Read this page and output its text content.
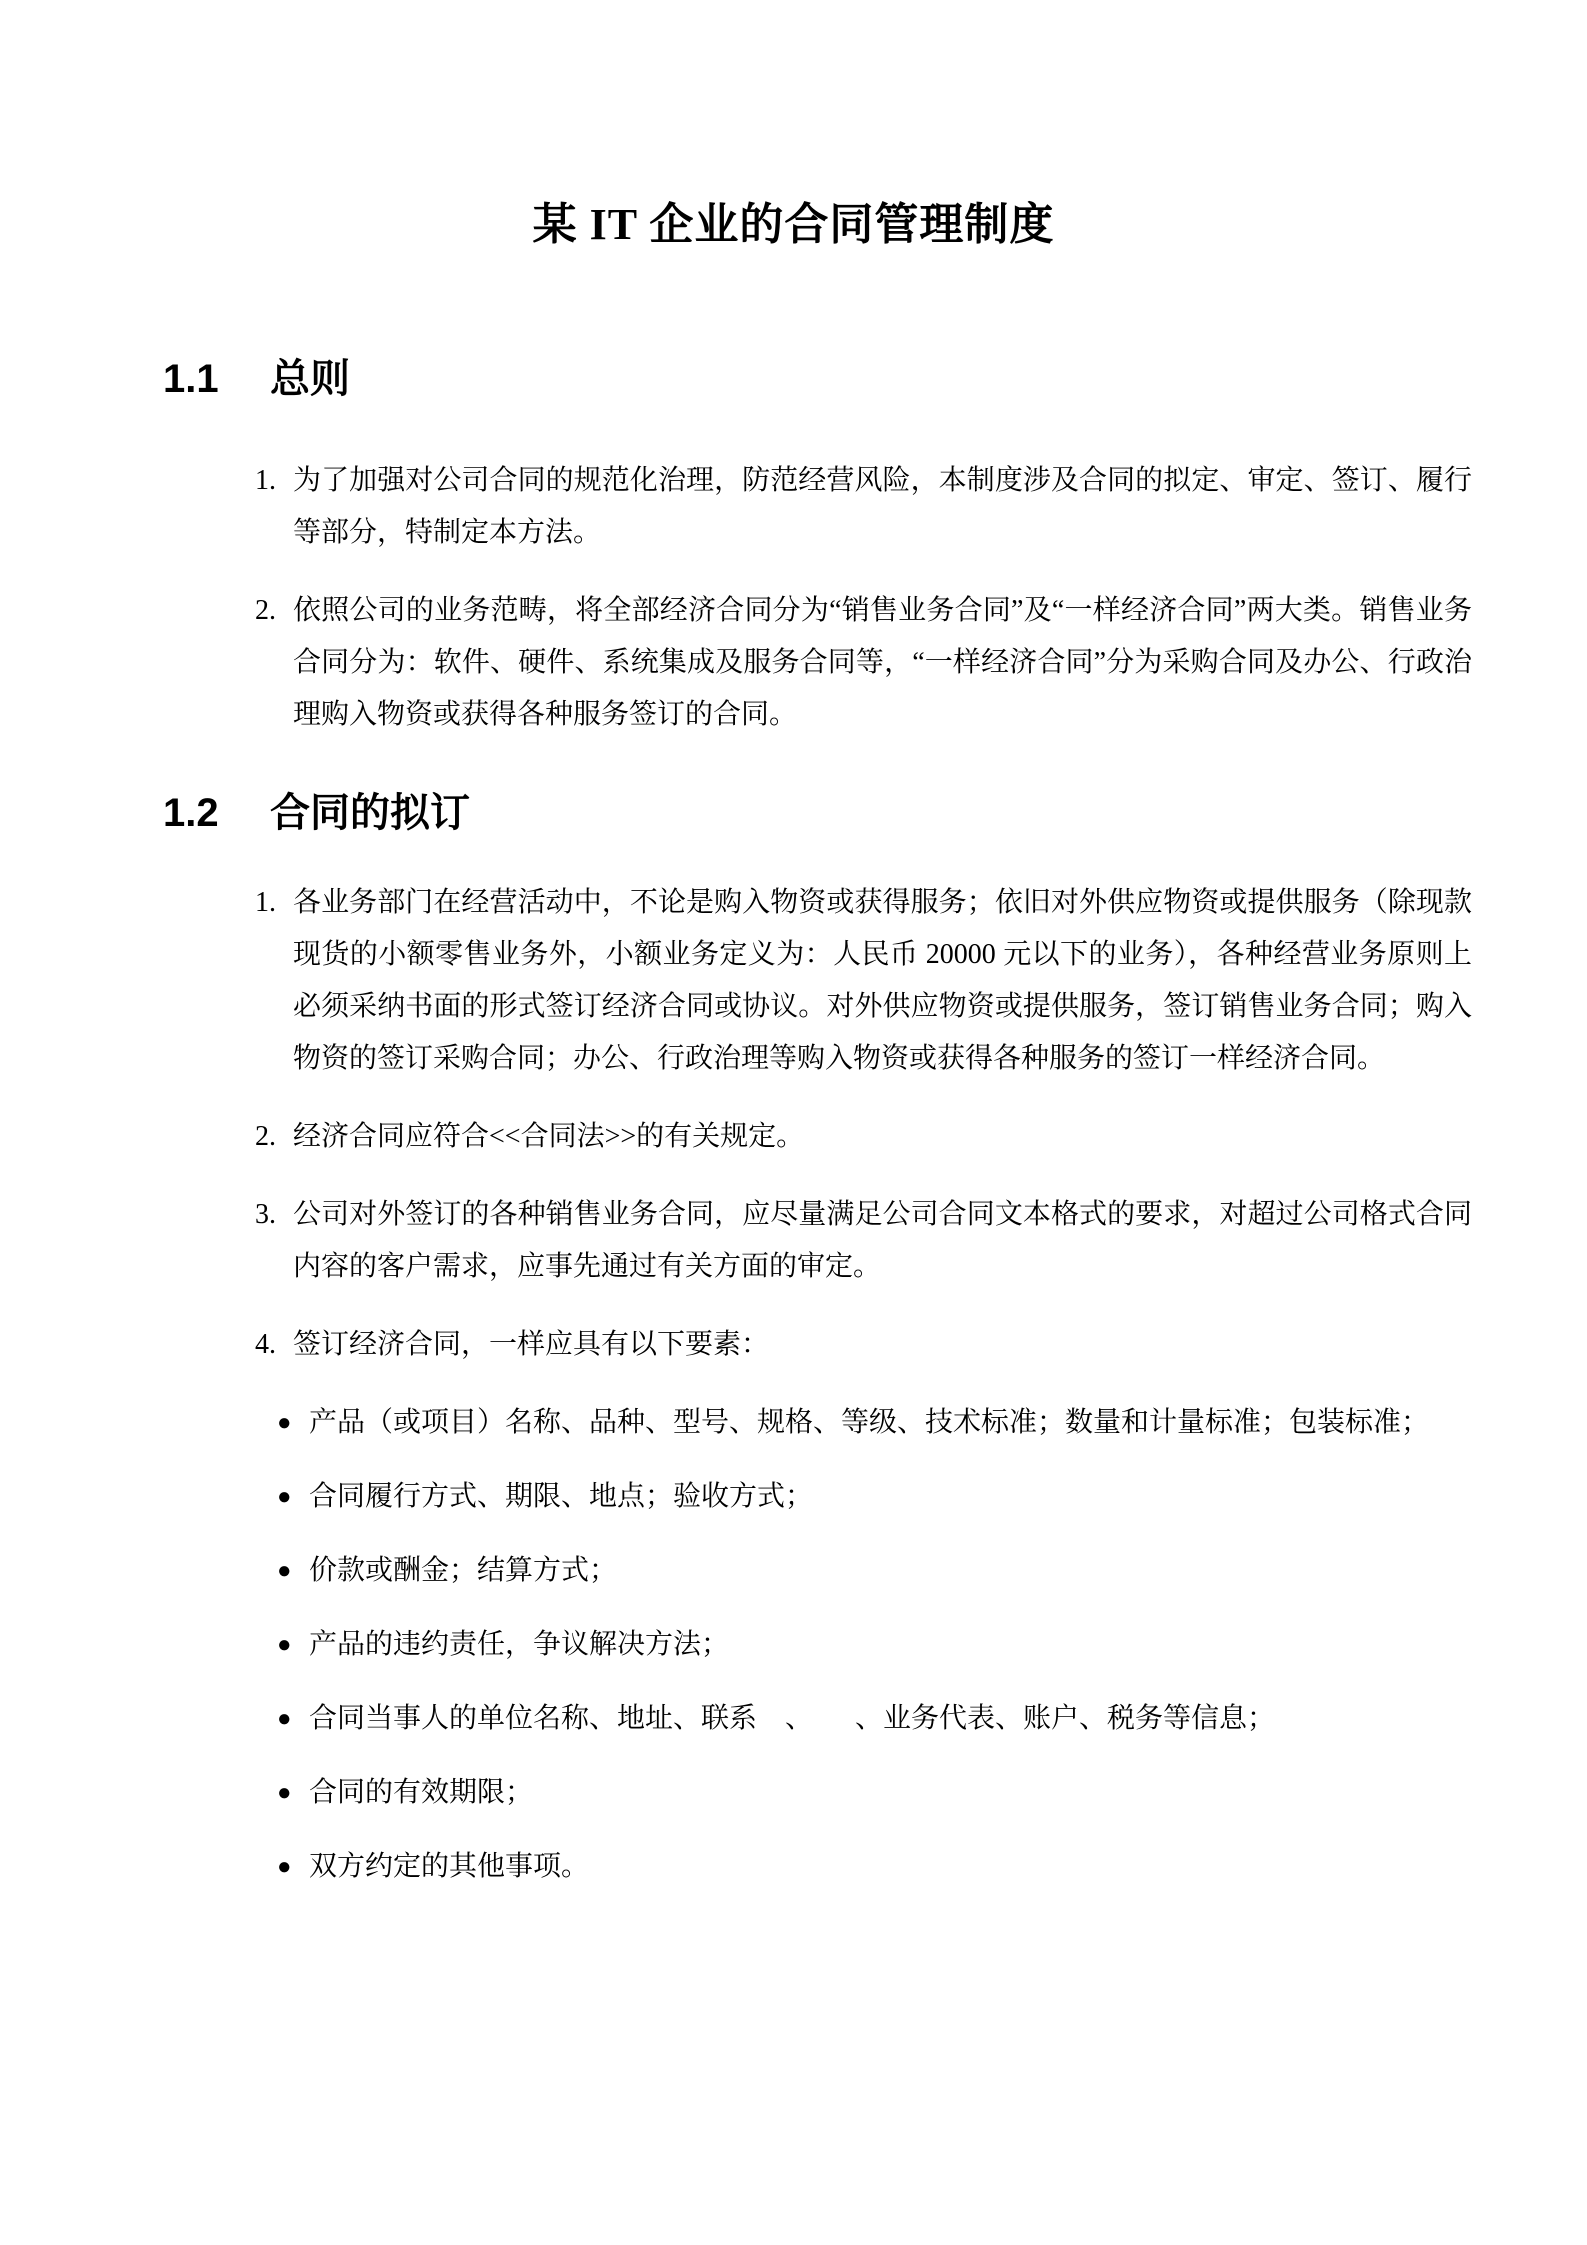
某 IT 企业的合同管理制度
1.1	总则
1. 为了加强对公司合同的规范化治理，防范经营风险，本制度涉及合同的拟定、审定、签订、履行等部分，特制定本方法。
2. 依照公司的业务范畴，将全部经济合同分为“销售业务合同”及“一样经济合同”两大类。销售业务合同分为：软件、硬件、系统集成及服务合同等，“一样经济合同”分为采购合同及办公、行政治理购入物资或获得各种服务签订的合同。
1.2	合同的拟订
1. 各业务部门在经营活动中，不论是购入物资或获得服务；依旧对外供应物资或提供服务（除现款现货的小额零售业务外，小额业务定义为：人民币 20000 元以下的业务），各种经营业务原则上必须采纳书面的形式签订经济合同或协议。对外供应物资或提供服务，签订销售业务合同；购入物资的签订采购合同；办公、行政治理等购入物资或获得各种服务的签订一样经济合同。
2. 经济合同应符合<<合同法>>的有关规定。
3. 公司对外签订的各种销售业务合同，应尽量满足公司合同文本格式的要求，对超过公司格式合同内容的客户需求，应事先通过有关方面的审定。
4. 签订经济合同，一样应具有以下要素：
● 产品（或项目）名称、品种、型号、规格、等级、技术标准；数量和计量标准；包装标准；
● 合同履行方式、期限、地点；验收方式；
● 价款或酬金；结算方式；
● 产品的违约责任，争议解决方法；
● 合同当事人的单位名称、地址、联系　、　　、业务代表、账户、税务等信息；
● 合同的有效期限；
● 双方约定的其他事项。
